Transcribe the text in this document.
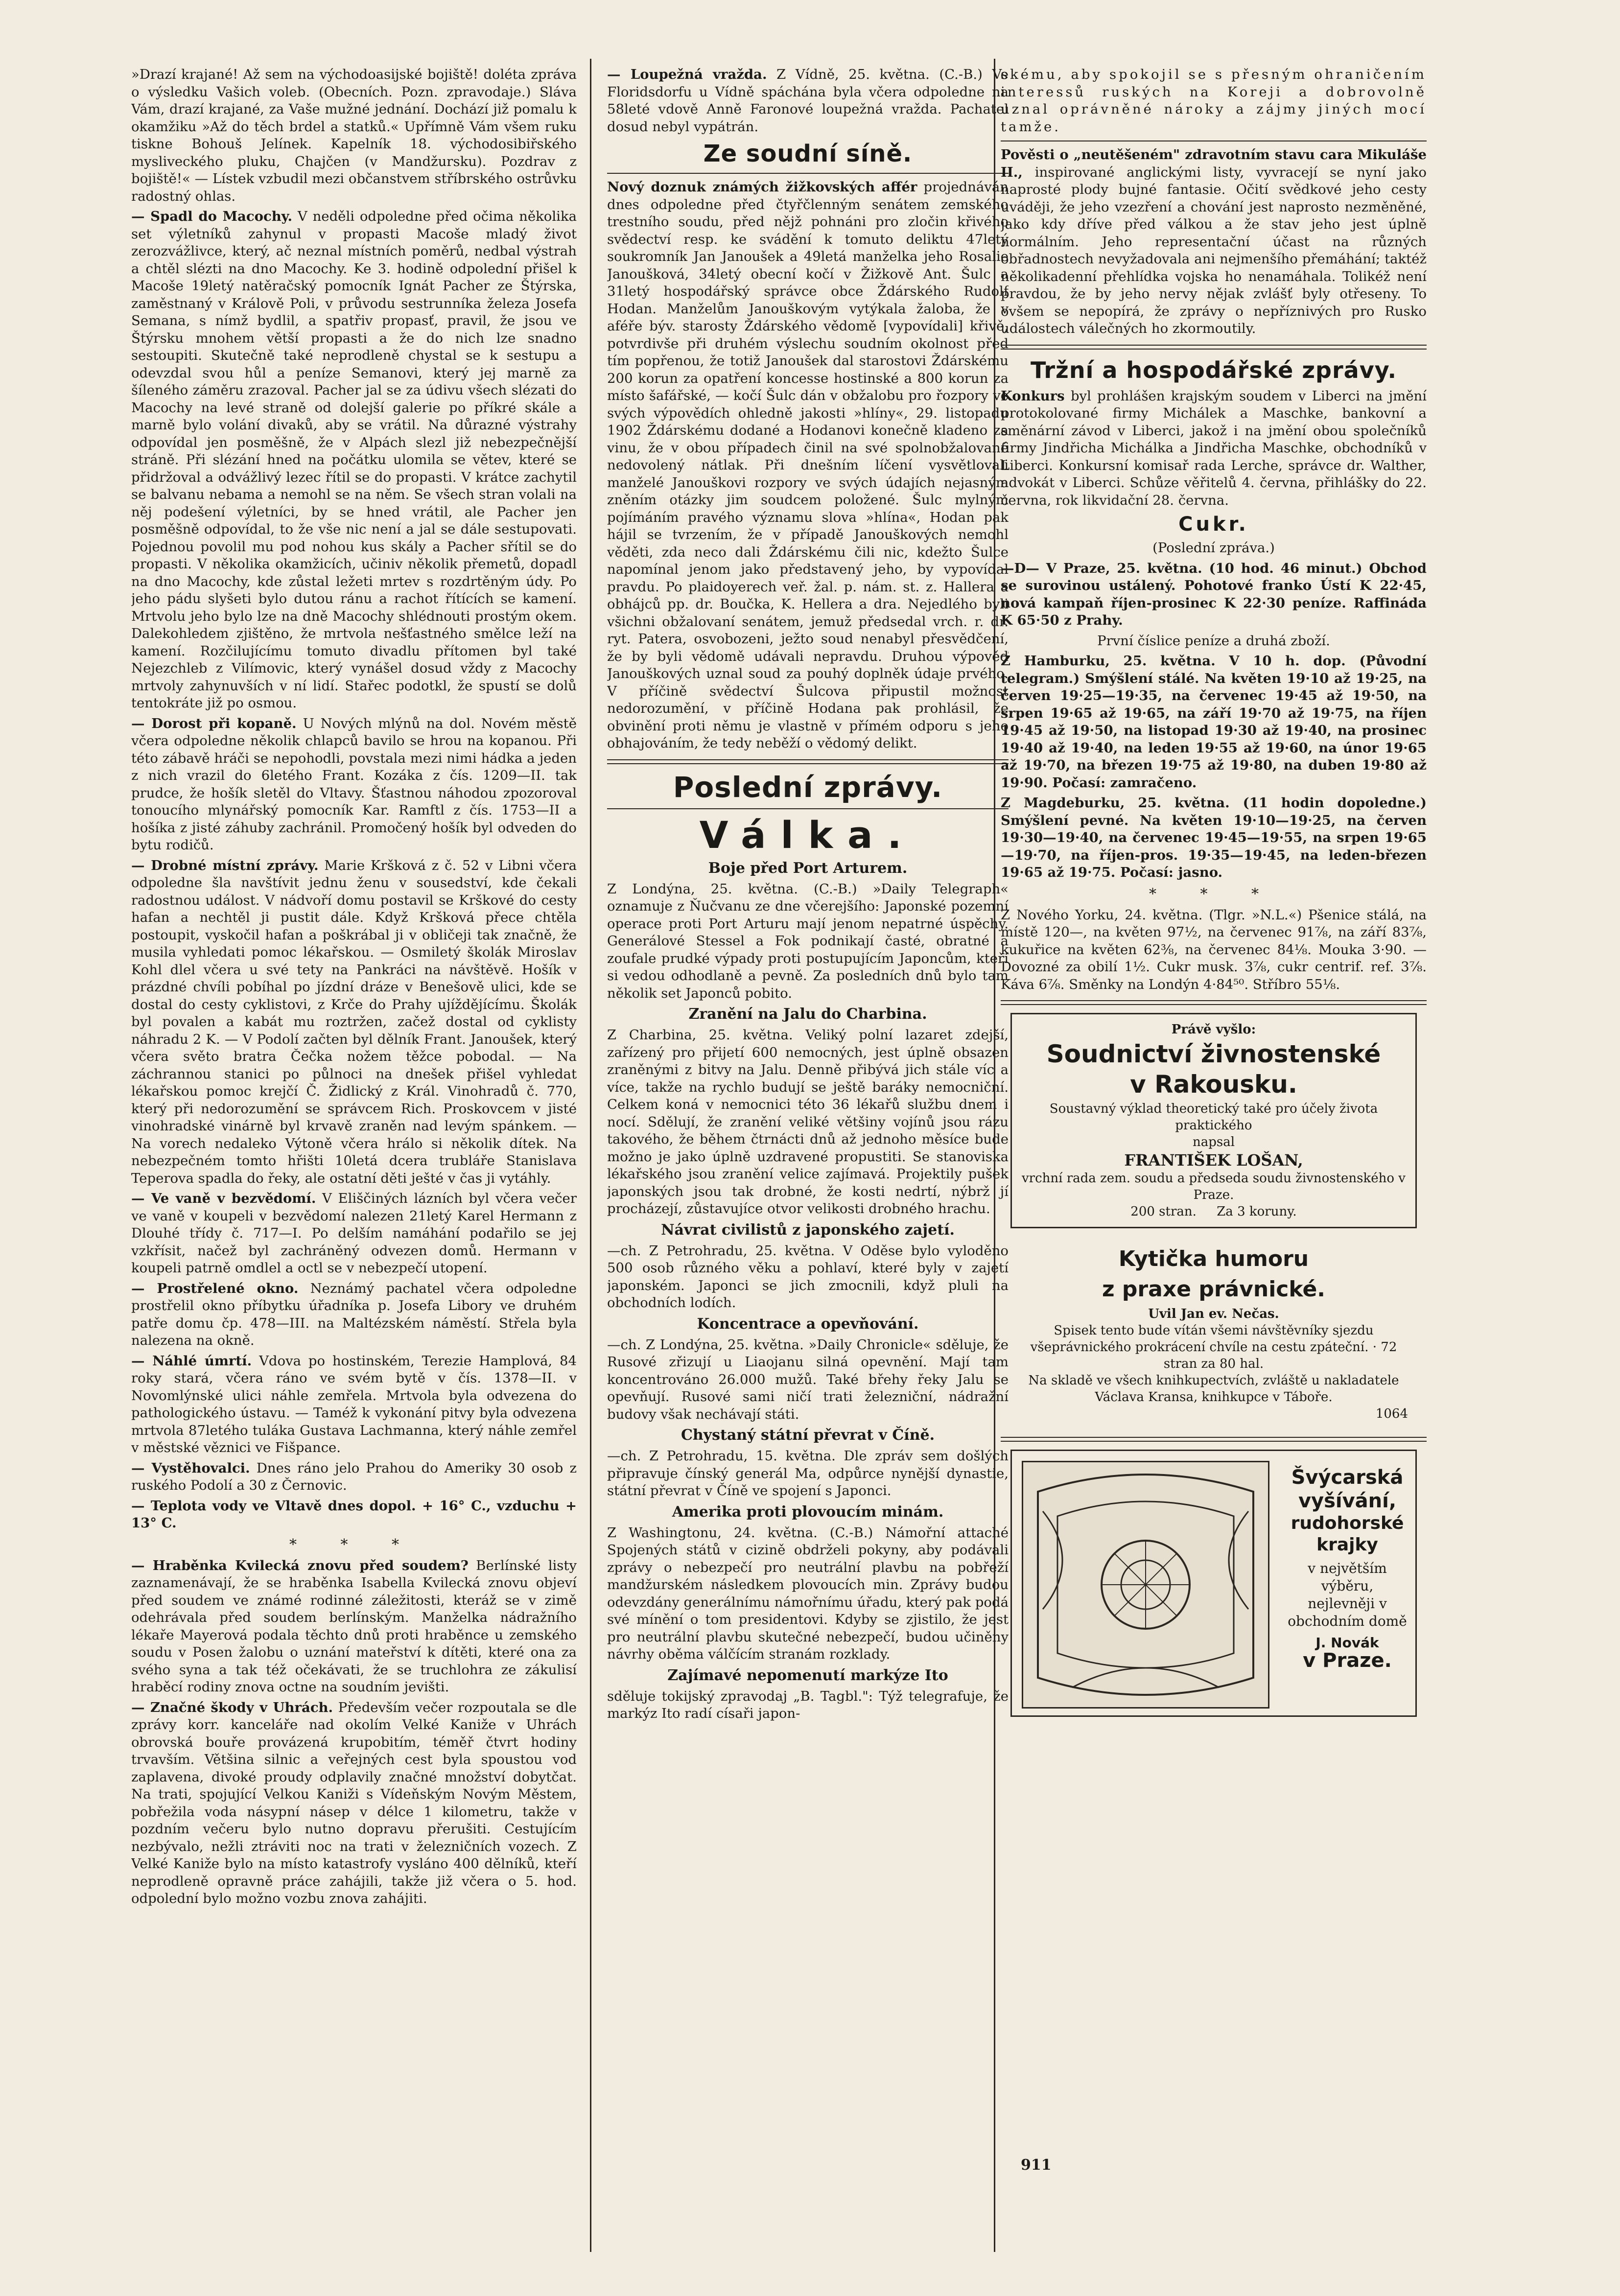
»Drazí krajané! Až sem na východoasijské bojiště! doléta zpráva o výsledku Vašich voleb. (Obecních. Pozn. zpravodaje.) Sláva Vám, drazí krajané, za Vaše mužné jednání. Dochází již pomalu k okamžiku »Až do těch brdel a statků.« Upřímně Vám všem ruku tiskne Bohouš Jelínek. Kapelník 18. východosibiřského myslivеckého pluku, Chajčen (v Mandžursku). Pozdrav z bojiště!« — Lístek vzbudil mezi občanstvem stříbrského ostrůvku radostný ohlas.

— Spadl do Macochy. V neděli odpoledne před očima několika set výletníků zahynul v propasti Macoše mladý život zerozvážlivce, který, ač neznal místních poměrů, nedbal výstrah a chtěl slézti na dno Macochy. Ke 3. hodině odpolední přišel k Macoše 19letý natěračský pomocník Ignát Pacher ze Štýrska, zaměstnaný v Králově Poli, v průvodu sestrunníka železa Josefa Semana, s nímž bydlil, a spatřiv propasť, pravil, že jsou ve Štýrsku mnohem větší propasti a že do nich lze snadno sestoupiti. Skutečně také neprodleně chystal se k sestupu a odevzdal svou hůl a peníze Semanovi, který jej marně za šíleného záměru zrazoval. Pacher jal se za údivu všech slézati do Macochy na levé straně od dolejší galerie po příkré skále a marně bylo volání divaků, aby se vrátil. Na důrazné výstrahy odpovídal jen posměšně, že v Alpách slezl již nebezpečnější stráně. Při slézání hned na počátku ulomila se větev, které se přidržoval a odvážlivý lezec řítil se do propasti. V krátce zachytil se balvanu nebama a nemohl se na něm. Se všech stran volali na něj podešení výletníci, by se hned vrátil, ale Pacher jen posměšně odpovídal, to že vše nic není a jal se dále sestupovati. Pojednou povolil mu pod nohou kus skály a Pacher sřítil se do propasti. V několika okamžicích, učiniv několik přemetů, dopadl na dno Macochy, kde zůstal ležeti mrtev s rozdrtěným údy. Po jeho pádu slyšeti bylo dutou ránu a rachot řítících se kamení. Mrtvolu jeho bylo lze na dně Macochy shlédnouti prostým okem. Dalekohledem zjištěno, že mrtvola nešťastného smělce leží na kamení. Rozčilujícímu tomuto divadlu přítomen byl také Nejezchleb z Vilímovic, který vynášel dosud vždy z Macochy mrtvoly zahynuvších v ní lidí. Stařec podotkl, že spustí se dolů tentokráte již po osmou.

— Dorost při kopaně. U Nových mlýnů na dol. Novém městě včera odpoledne několik chlapců bavilo se hrou na kopanou. Při této zábavě hráči se nepohodli, povstala mezi nimi hádka a jeden z nich vrazil do 6letého Frant. Kozáka z čís. 1209—II. tak prudce, že hošík sletěl do Vltavy. Šťastnou náhodou zpozoroval tonoucího mlynářský pomocník Kar. Ramftl z čís. 1753—II a hošíka z jisté záhuby zachránil. Promočený hošík byl odveden do bytu rodičů.

— Drobné místní zprávy. Marie Kršková z č. 52 v Libni včera odpoledne šla navštívit jednu ženu v sousedství, kde čekali radostnou událost. V nádvoří domu postavil se Krškové do cesty hafan a nechtěl ji pustit dále. Když Kršková přece chtěla postoupit, vyskočil hafan a poškrábal ji v obličeji tak značně, že musila vyhledati pomoc lékařskou. — Osmiletý školák Miroslav Kohl dlel včera u své tety na Pankráci na návštěvě. Hošík v prázdné chvíli pobíhal po jízdní dráze v Benešově ulici, kde se dostal do cesty cyklistovi, z Krče do Prahy ujíždějícímu. Školák byl povalen a kabát mu roztržen, začež dostal od cyklisty náhradu 2 K. — V Podolí začten byl dělník Frant. Janoušek, který včera světo bratra Čečka nožem těžce pobodal. — Na záchrannou stanici po půlnoci na dnešek přišel vyhledat lékařskou pomoc krejčí Č. Židlický z Král. Vinohradů č. 770, který při nedorozumění se správcem Rich. Proskovcem v jisté vinohradské vinárně byl krvavě zraněn nad levým spánkem. — Na vorech nedaleko Výtoně včera hrálo si několik dítek. Na nebezpečném tomto hřišti 10letá dcera trubláře Stanislava Teperova spadla do řeky, ale ostatní děti ješté v čas ji vytáhly.

— Ve vaně v bezvědomí. V Eliščiných lázních byl včera večer ve vaně v koupeli v bezvědomí nalezen 21letý Karel Hermann z Dlouhé třídy č. 717—I. Po delším namáhání podařilo se jej vzkřísit, načež byl zachráněný odvezen domů. Hermann v koupeli patrně omdlel a octl se v nebezpečí utopení.

— Prostřelené okno. Neznámý pachatel včera odpoledne prostřelil okno příbytku úřadníka p. Josefa Libory ve druhém patře domu čp. 478—III. na Maltézském náměstí. Střela byla nalezena na okně.

— Náhlé úmrtí. Vdova po hostinském, Terezie Hamplová, 84 roky stará, včera ráno ve svém bytě v čís. 1378—II. v Novomlýnské ulici náhle zemřela. Mrtvola byla odvezena do pathologického ústavu. — Taméž k vykonání pitvy byla odvezena mrtvola 87letého tuláka Gustava Lachmanna, který náhle zemřel v městské věznici ve Fišpance.

— Vystěhovalci. Dnes ráno jelo Prahou do Ameriky 30 osob z ruského Podolí a 30 z Černovic.

— Teplota vody ve Vltavě dnes dopol. + 16° C., vzduchu + 13° C.

* * *

— Hraběnka Kvilecká znovu před soudem? Berlínské listy zaznamenávají, že se hraběnka Isabella Kvilecká znovu objeví před soudem ve známé rodinné záležitosti, kteráž se v zimě odehrávala před soudem berlínským. Manželka nádražního lékaře Mayerová podala těchto dnů proti hraběnce u zemského soudu v Posen žalobu o uznání mateřství k dítěti, které ona za svého syna a tak též očekávati, že se truchlohra ze zákulisí hraběcí rodiny znova octne na soudním jevišti.

— Značné škody v Uhrách. Především večer rozpoutala se dle zprávy korr. kanceláře nad okolím Velké Kaniže v Uhrách obrovská bouře provázená krupobitím, téměř čtvrt hodiny trvavším. Většina silnic a veřejných cest byla spoustou vod zaplavena, divoké proudy odplavily značné množství dobytčat. Na trati, spojující Velkou Kaniži s Vídeňským Novým Městem, pobřežila voda násypní násep v délce 1 kilometru, takže v pozdním večeru bylo nutno dopravu přerušiti. Cestujícím nezbývalo, nežli ztráviti noc na trati v železničních vozech. Z Velké Kaniže bylo na místo katastrofy vysláno 400 dělníků, kteří neprodleně opravně práce zahájili, takže již včera o 5. hod. odpolední bylo možno vozbu znova zahájiti.

— Loupežná vražda. Z Vídně, 25. května. (C.-B.) Ve Floridsdorfu u Vídně spáchána byla včera odpoledne na 58leté vdově Anně Faronové loupežná vražda. Pachatel dosud nebyl vypátrán.

Ze soudní síně.

Nový doznuk známých žižkovských affér projednáván dnes odpoledne před čtyřčlenným senátem zemského trestního soudu, před nějž pohnáni pro zločin křivého svědectví resp. ke svádění k tomuto deliktu 47letý soukromník Jan Janoušek a 49letá manželka jeho Rosalie Janoušková, 34letý obecní kočí v Žižkově Ant. Šulc a 31letý hospodářský správce obce Ždárského Rudolf Hodan. Manželům Janouškovým vytýkala žaloba, že v aféře býv. starosty Ždárského vědomě [vypovídali] křivě, potvrdivše při druhém výslechu soudním okolnost před tím popřenou, že totiž Janoušek dal starostovi Ždárskému 200 korun za opatření koncesse hostinské a 800 korun za místo šafářské, — kočí Šulc dán v obžalobu pro řozpory ve svých výpovědích ohledně jakosti »hlíny«, 29. listopadu 1902 Ždárskému dodané a Hodanovi konečně kladeno za vinu, že v obou případech činil na své spolnobžalované nedovolený nátlak. Při dnešním líčení vysvětlovali manželé Janouškovi rozpory ve svých údajích nejasným zněním otázky jim soudcem položené. Šulc mylným pojímáním pravého významu slova »hlína«, Hodan pak hájil se tvrzením, že v případě Janouškových nemohl věděti, zda neco dali Ždárskému čili nic, kdežto Šulce napomínal jenom jako představený jeho, by vypovídal pravdu. Po plaidoyerech veř. žal. p. nám. st. z. Hallera a obhájců pp. dr. Boučka, K. Hellera a dra. Nejedlého byli všichni obžalovaní senátem, jemuž předsedal vrch. r. dr. ryt. Patera, osvobozeni, ježto soud nenabyl přesvědčení, že by byli vědomě udávali nepravdu. Druhou výpověď Janouškových uznal soud za pouhý doplněk údaje prvého. V příčině svědectví Šulcova připustil možnost nedorozumění, v příčině Hodana pak prohlásil, že obvinění proti němu je vlastně v přímém odporu s jeho obhajováním, že tedy neběží o vědomý delikt.

Poslední zprávy.
Válka.
Boje před Port Arturem.

Z Londýna, 25. května. (C.-B.) »Daily Telegraph« oznamuje z Ňučvanu ze dne včerejšího: Japonské pozemní operace proti Port Arturu mají jenom nepatrné úspěchy. Generálové Stessel a Fok podnikají časté, obratné a zoufale prudké výpady proti postupujícím Japoncům, kteří si vedou odhodlaně a pevně. Za posledních dnů bylo tam několik set Japonců pobito.

Zranění na Jalu do Charbina.

Z Charbina, 25. května. Veliký polní lazaret zdejší, zařízený pro přijetí 600 nemocných, jest úplně obsazen zraněnými z bitvy na Jalu. Denně přibývá jich stále víc a více, takže na rychlo budují se ještě baráky nemocniční. Celkem koná v nemocnici této 36 lékařů službu dnem i nocí. Sdělují, že zranění veliké většiny vojínů jsou rázu takového, že během čtrnácti dnů až jednoho měsíce bude možno je jako úplně uzdravené propustiti. Se stanoviska lékařského jsou zranění velice zajímavá. Projektily pušek japonských jsou tak drobné, že kosti nedrtí, nýbrž jí procházejí, zůstavujíce otvor velikosti drobného hrachu.

Návrat civilistů z japonského zajetí.

—ch. Z Petrohradu, 25. května. V Oděse bylo vyloděno 500 osob různého věku a pohlaví, které byly v zajetí japonském. Japonci se jich zmocnili, když pluli na obchodních lodích.

Koncentrace a opevňování.

—ch. Z Londýna, 25. května. »Daily Chronicle« sděluje, že Rusové zřizují u Liaojanu silná opevnění. Mají tam koncentrováno 26.000 mužů. Také břehy řeky Jalu se opevňují. Rusové sami ničí trati železniční, nádražní budovy však nechávají státi.

Chystaný státní převrat v Číně.

—ch. Z Petrohradu, 15. května. Dle zpráv sem došlých připravuje čínský generál Ma, odpůrce nynější dynastie, státní převrat v Číně ve spojení s Japonci.

Amerika proti plovoucím minám.

Z Washingtonu, 24. května. (C.-B.) Námořní attaché Spojených států v cizině obdrželi pokyny, aby podávali zprávy o nebezpečí pro neutrální plavbu na pobřeží mandžurském následkem plovoucích min. Zprávy budou odevzdány generálnímu námořnímu úřadu, který pak podá své mínění o tom presidentovi. Kdyby se zjistilo, že jest pro neutrální plavbu skutečné nebezpečí, budou učiněny návrhy oběma válčícím stranám rozklady.

Zajímavé nepomenutí markýze Ito

sděluje tokijský zpravodaj „B. Tagbl.": Týž telegrafuje, že markýz Ito radí císaři japon-

skému, aby spokojil se s přesným ohraničením interessů ruských na Koreji a dobrovolně uznal oprávněné nároky a zájmy jiných mocí tamže.

Pověsti o „neutěšeném" zdravotním stavu cara Mikuláše II., inspirované anglickými listy, vyvracejí se nyní jako naprosté plody bujné fantasie. Očití svědkové jeho cesty uváději, že jeho vzezření a chování jest naprosto nezměněné, jako kdy dříve před válkou a že stav jeho jest úplně normálním. Jeho representační účast na různých obřadnostech nevyžadovala ani nejmenšího přemáhání; taktéž několikadenní přehlídka vojska ho nenamáhala. Tolikéž není pravdou, že by jeho nervy nějak zvlášť byly otřeseny. To ovšem se nepopírá, že zprávy o nepříznivých pro Rusko událostech válečných ho zkormoutily.

Tržní a hospodářské zprávy.

Konkurs byl prohlášen krajským soudem v Liberci na jmění protokolované firmy Michálek a Maschke, bankovní a směnární závod v Liberci, jakož i na jmění obou společníků firmy Jindřicha Michálka a Jindřicha Maschke, obchodníků v Liberci. Konkursní komisař rada Lerche, správce dr. Walther, advokát v Liberci. Schůze věřitelů 4. června, přihlášky do 22. června, rok likvidační 28. června.

Cukr.

(Poslední zpráva.)

—D— V Praze, 25. května. (10 hod. 46 minut.) Obchod se surovinou ustálený. Pohotové franko Ústí K 22·45, nová kampaň říjen-prosinec K 22·30 peníze. Raffináda K 65·50 z Prahy.

První číslice peníze a druhá zboží.

Z Hamburku, 25. května. V 10 h. dop. (Původní telegram.) Smýšlení stálé. Na květen 19·10 až 19·25, na červen 19·25—19·35, na červenec 19·45 až 19·50, na srpen 19·65 až 19·65, na září 19·70 až 19·75, na říjen 19·45 až 19·50, na listopad 19·30 až 19·40, na prosinec 19·40 až 19·40, na leden 19·55 až 19·60, na únor 19·65 až 19·70, na březen 19·75 až 19·80, na duben 19·80 až 19·90. Počasí: zamračeno.

Z Magdeburku, 25. května. (11 hodin dopoledne.) Smýšlení pevné. Na květen 19·10—19·25, na červen 19·30—19·40, na červenec 19·45—19·55, na srpen 19·65—19·70, na říjen-pros. 19·35—19·45, na leden-březen 19·65 až 19·75. Počasí: jasno.

* * *

Z Nového Yorku, 24. května. (Tlgr. »N.L.«) Pšenice stálá, na místě 120—, na květen 97½, na červenec 91⅞, na září 83⅞, kukuřice na květen 62⅜, na červenec 84⅛. Mouka 3·90. — Dovozné za obilí 1½. Cukr musk. 3⅞, cukr centrif. ref. 3⅞. Káva 6⅞. Směnky na Londýn 4·84⁵⁰. Stříbro 55⅛.

Právě vyšlo:
Soudnictví živnostenské
v Rakousku.
Soustavný výklad theoretický také pro účely života praktického
napsal
FRANTIŠEK LOŠAN,
vrchní rada zem. soudu a předseda soudu živnostenského v Praze.
200 stran. Za 3 koruny.
Kytička humoru
z praxe právnické.
Uvil Jan ev. Nečas.
Spisek tento bude vítán všemi návštěvníky sjezdu všeprávnického prokrácení chvíle na cestu zpáteční. · 72 stran za 80 hal.
Na skladě ve všech knihkupectvích, zvláště u nakladatele Václava Kransa, knihkupce v Táboře.
1064
Švýcarská
vyšívání,
rudohorské
krajky
v největším výběru, nejlevněji v obchodním domě
J. Novák
v Praze.
911
